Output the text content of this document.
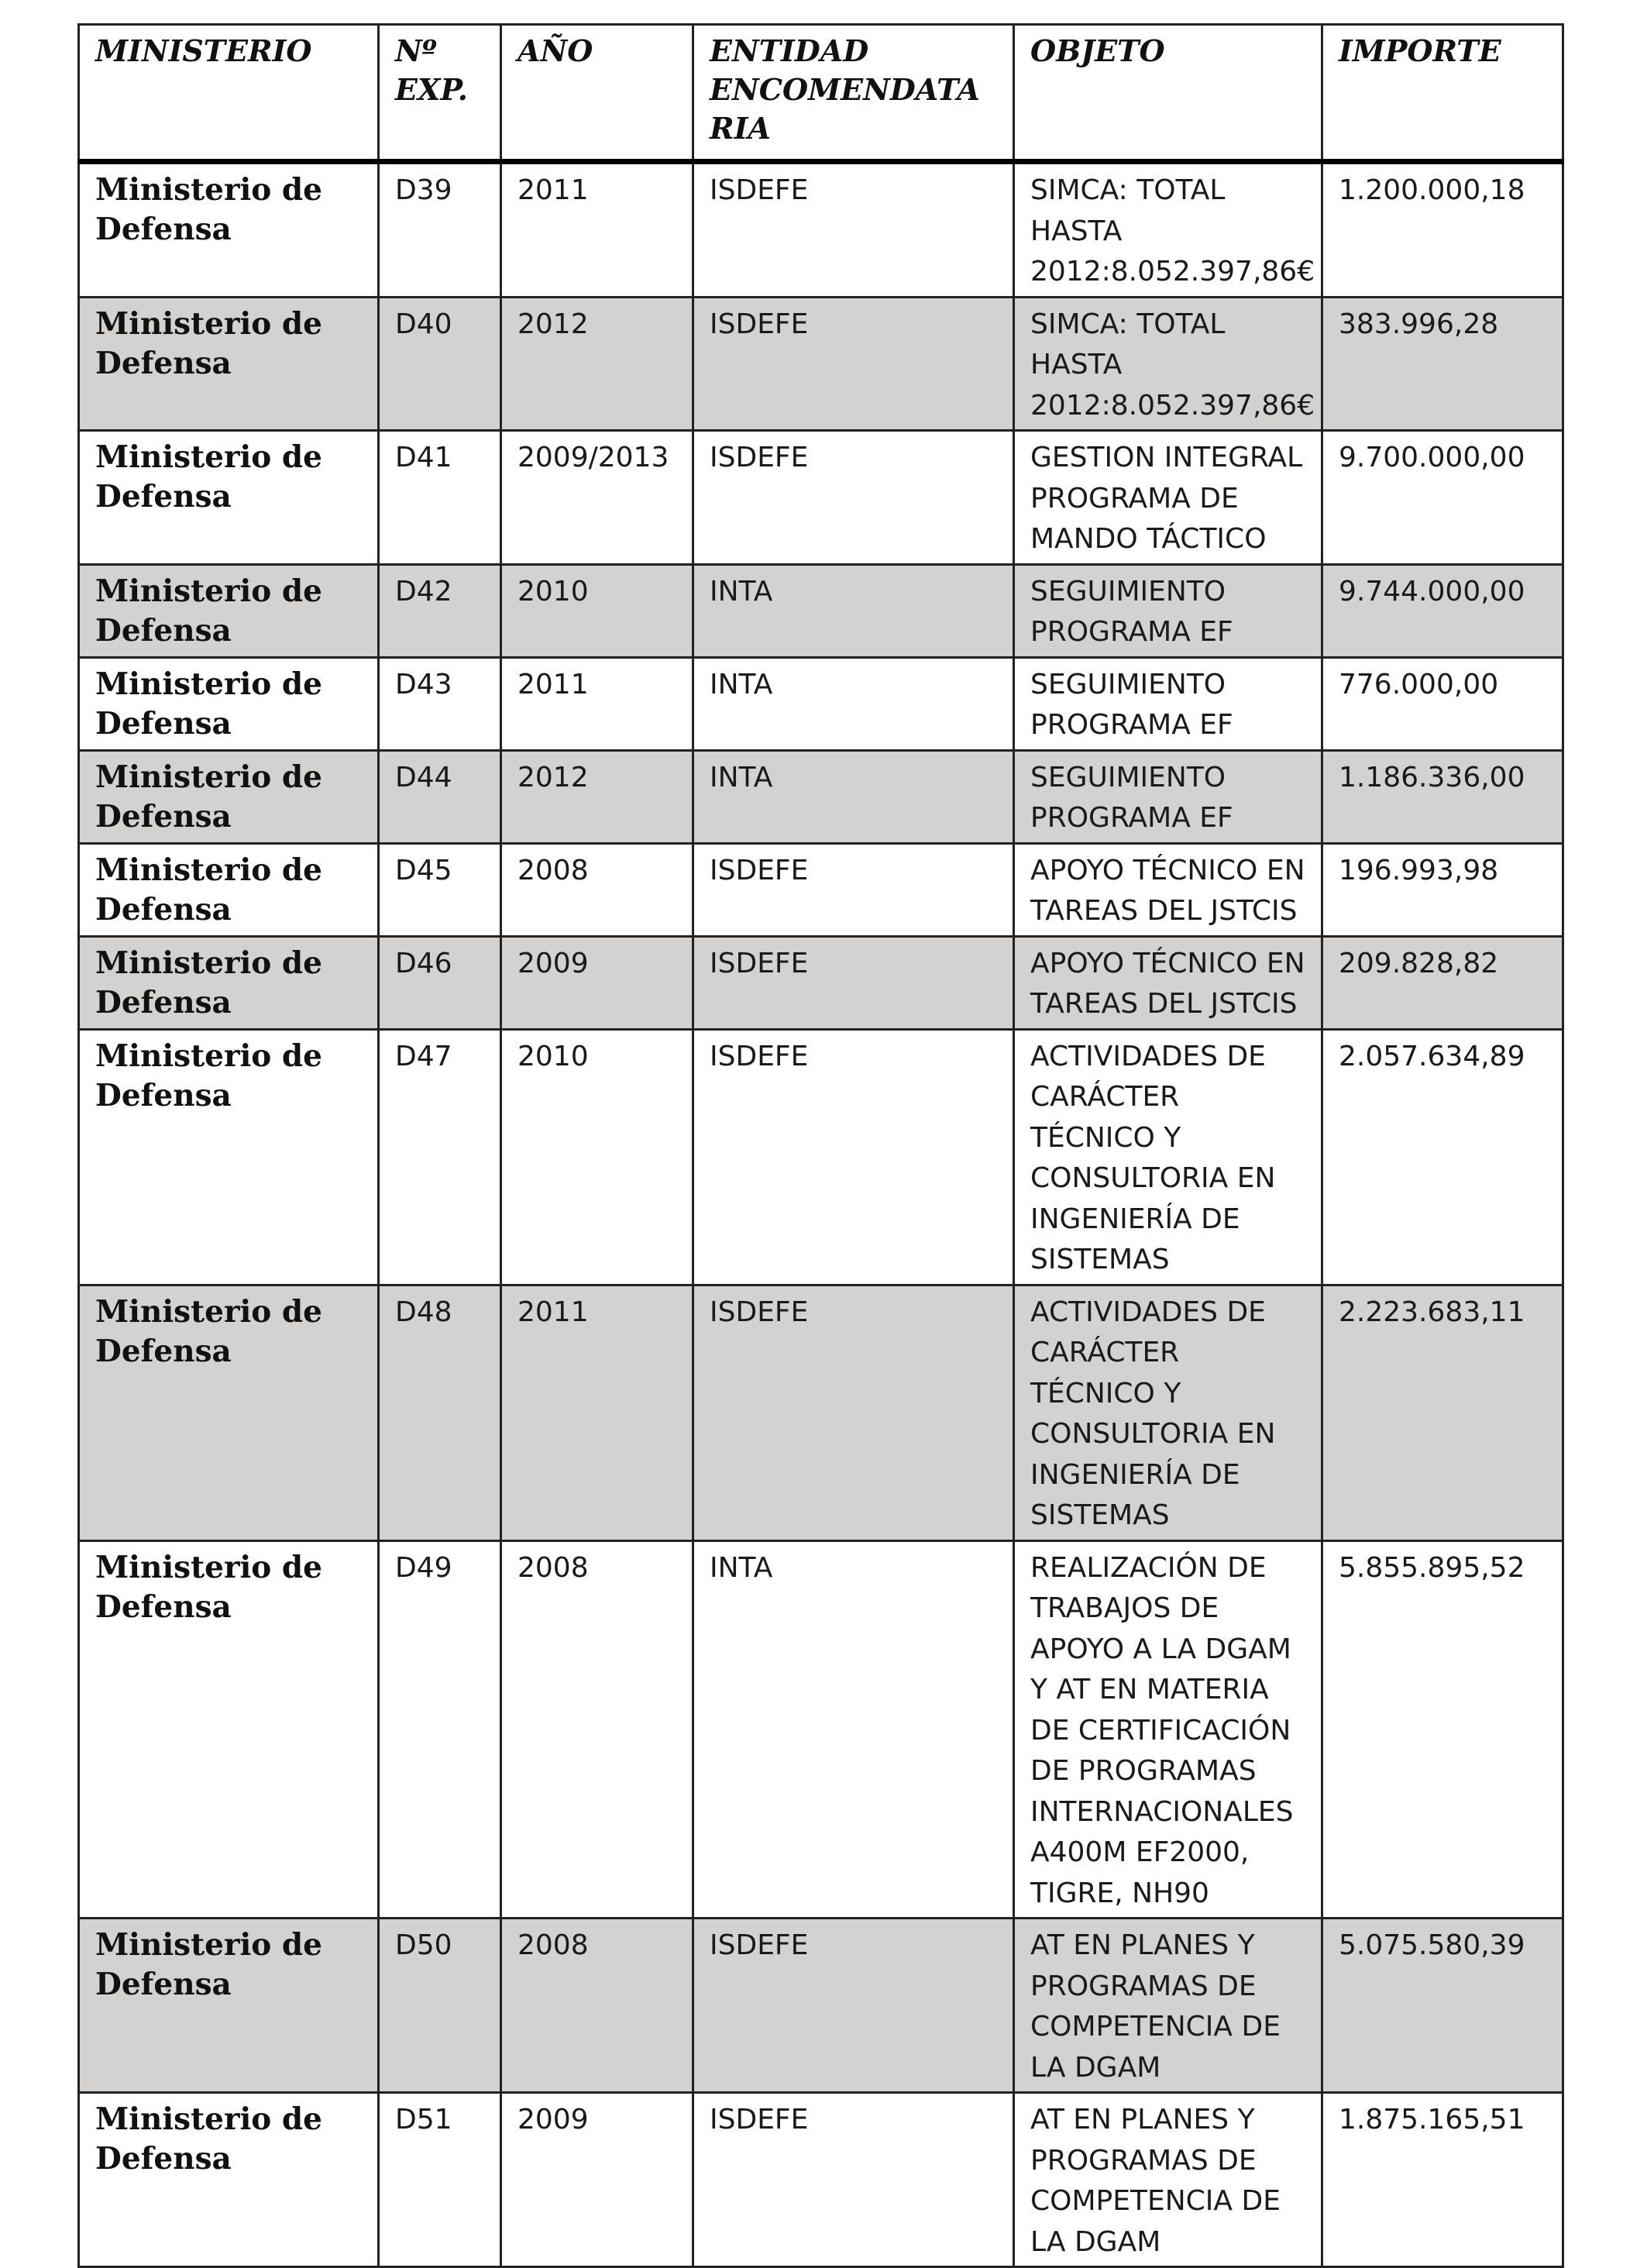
MINISTERIO	Nº EXP.	AÑO	ENTIDAD ENCOMENDATARIA	OBJETO	IMPORTE
Ministerio de Defensa	D39	2011	ISDEFE	SIMCA: TOTAL HASTA 2012:8.052.397,86€	1.200.000,18
Ministerio de Defensa	D40	2012	ISDEFE	SIMCA: TOTAL HASTA 2012:8.052.397,86€	383.996,28
Ministerio de Defensa	D41	2009/2013	ISDEFE	GESTION INTEGRAL PROGRAMA DE MANDO TÁCTICO	9.700.000,00
Ministerio de Defensa	D42	2010	INTA	SEGUIMIENTO PROGRAMA EF	9.744.000,00
Ministerio de Defensa	D43	2011	INTA	SEGUIMIENTO PROGRAMA EF	776.000,00
Ministerio de Defensa	D44	2012	INTA	SEGUIMIENTO PROGRAMA EF	1.186.336,00
Ministerio de Defensa	D45	2008	ISDEFE	APOYO TÉCNICO EN TAREAS DEL JSTCIS	196.993,98
Ministerio de Defensa	D46	2009	ISDEFE	APOYO TÉCNICO EN TAREAS DEL JSTCIS	209.828,82
Ministerio de Defensa	D47	2010	ISDEFE	ACTIVIDADES DE CARÁCTER TÉCNICO Y CONSULTORIA EN INGENIERÍA DE SISTEMAS	2.057.634,89
Ministerio de Defensa	D48	2011	ISDEFE	ACTIVIDADES DE CARÁCTER TÉCNICO Y CONSULTORIA EN INGENIERÍA DE SISTEMAS	2.223.683,11
Ministerio de Defensa	D49	2008	INTA	REALIZACIÓN DE TRABAJOS DE APOYO A LA DGAM Y AT EN MATERIA DE CERTIFICACIÓN DE PROGRAMAS INTERNACIONALES A400M EF2000, TIGRE, NH90	5.855.895,52
Ministerio de Defensa	D50	2008	ISDEFE	AT EN PLANES Y PROGRAMAS DE COMPETENCIA DE LA DGAM	5.075.580,39
Ministerio de Defensa	D51	2009	ISDEFE	AT EN PLANES Y PROGRAMAS DE COMPETENCIA DE LA DGAM	1.875.165,51
